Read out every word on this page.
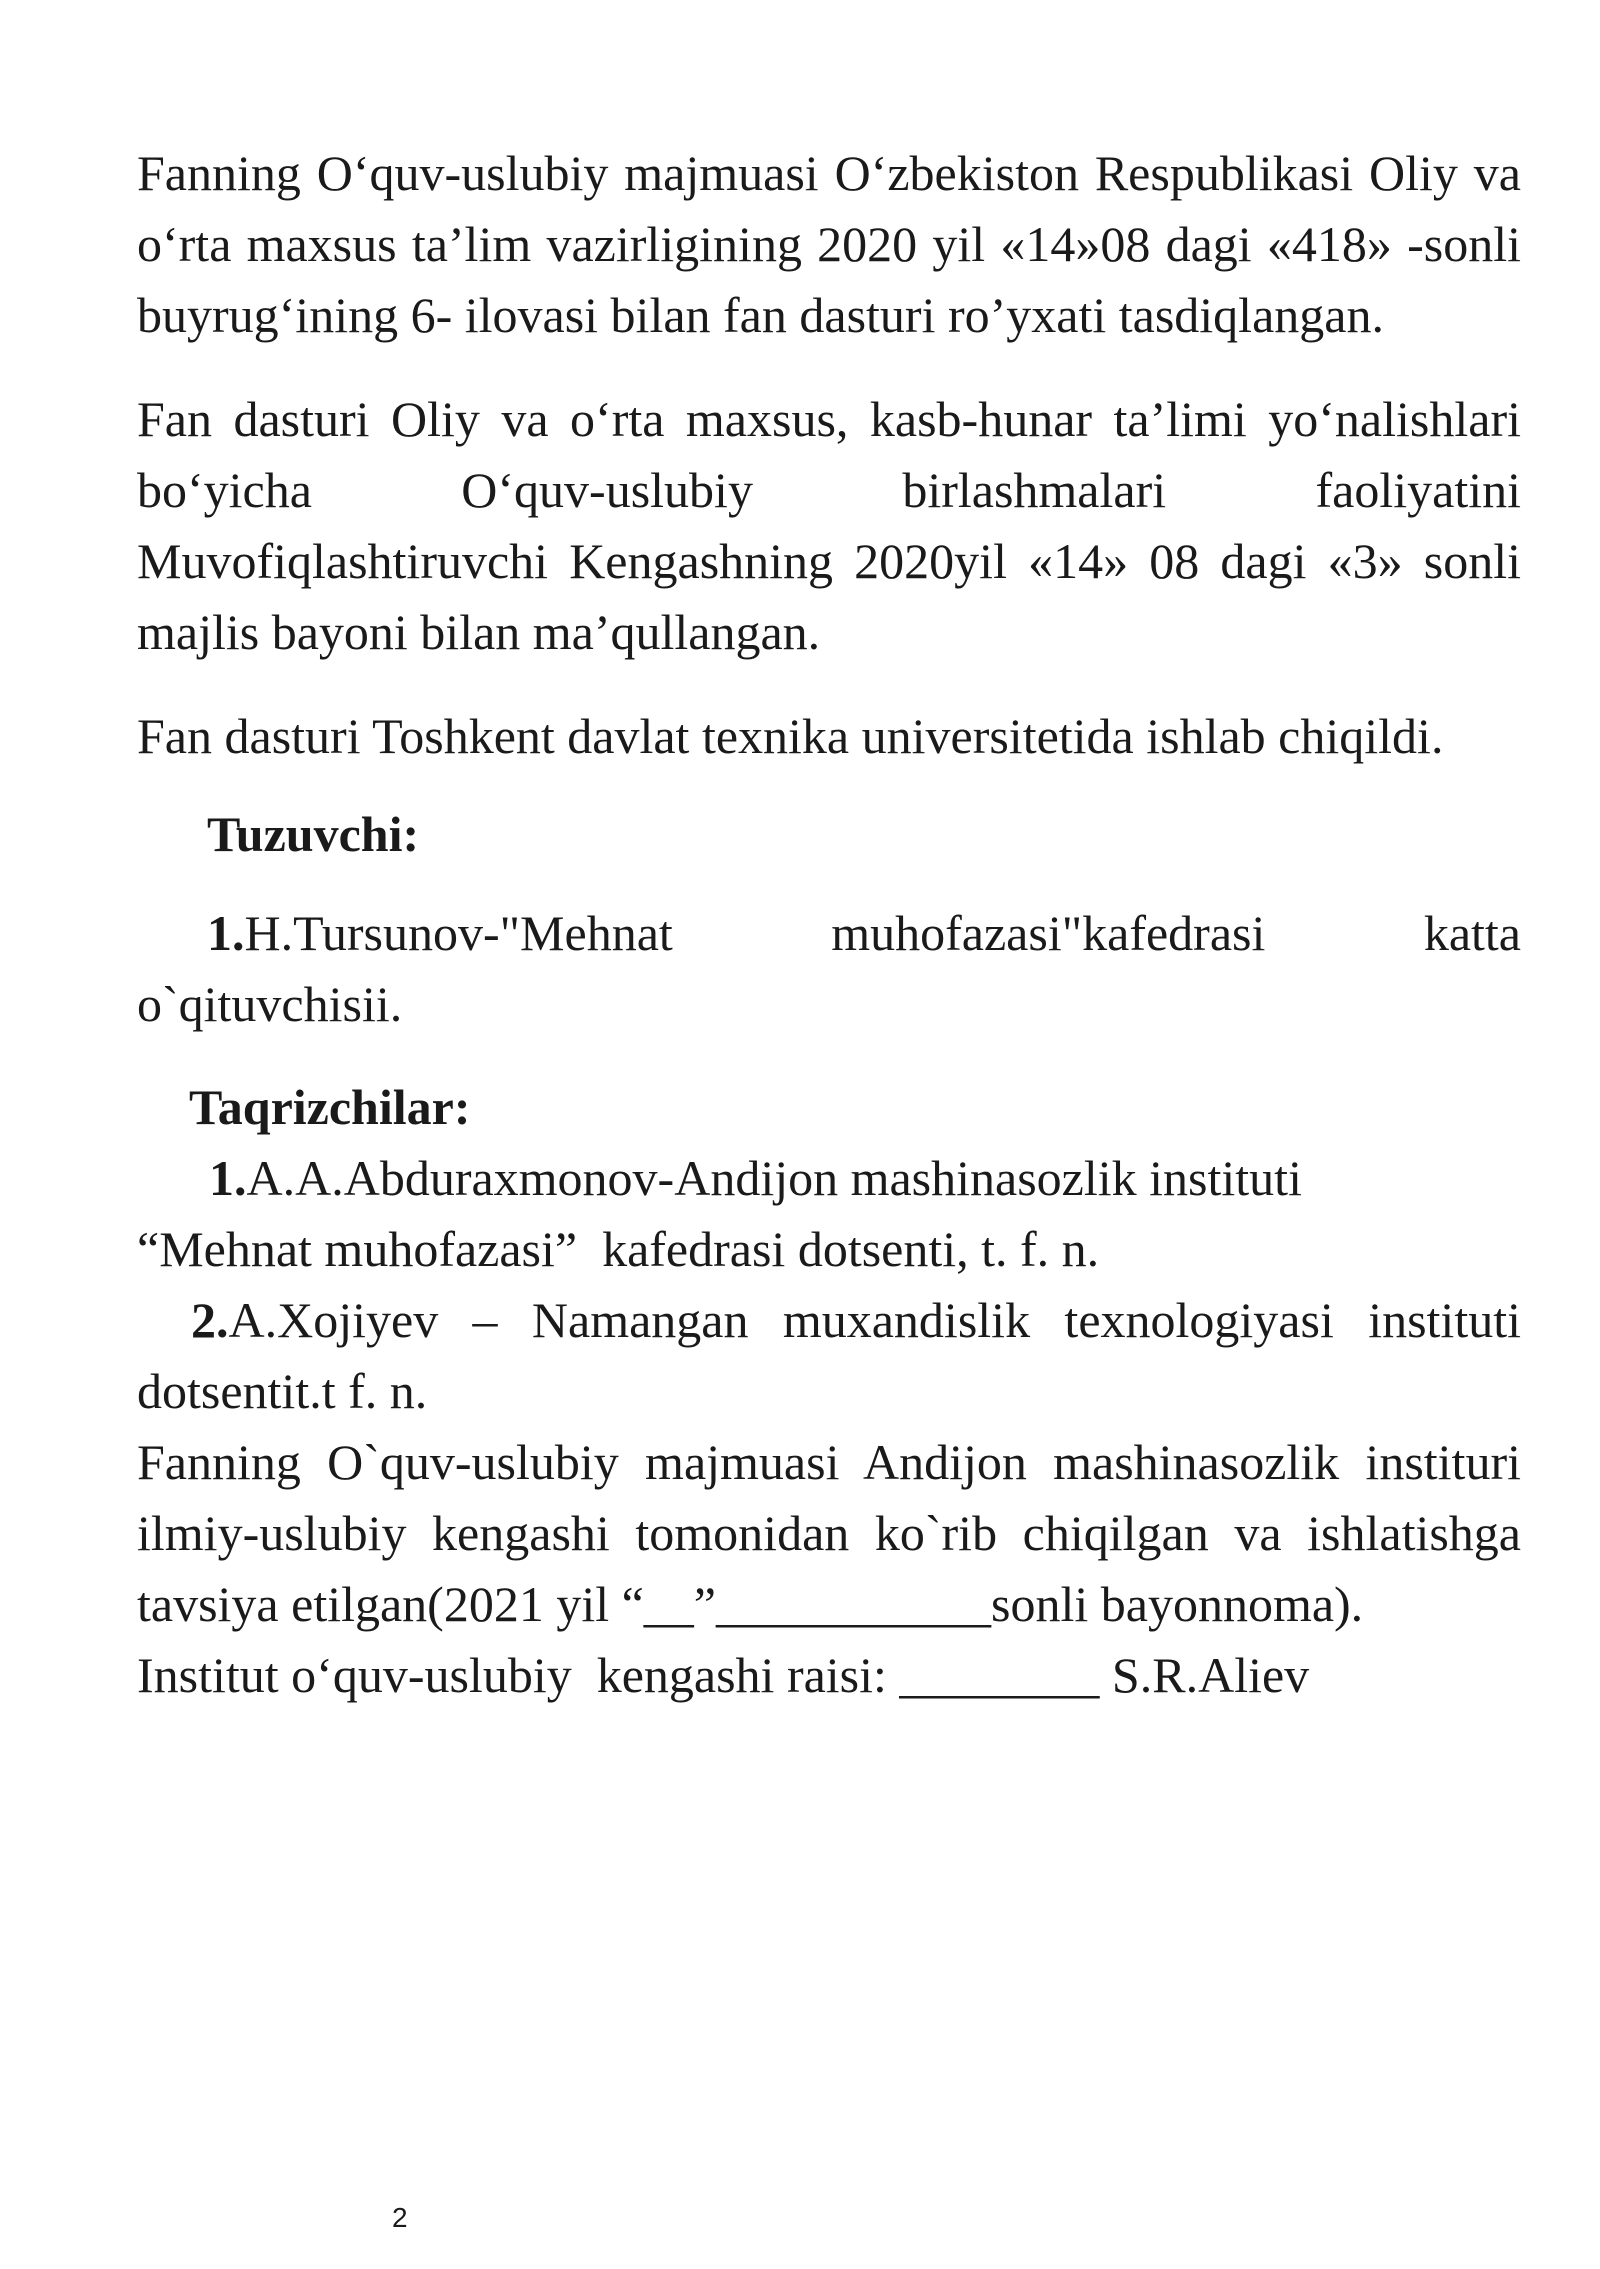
Fanning O‘quv-uslubiy majmuasi O‘zbekiston Respublikasi Oliy va o‘rta maxsus ta’lim vazirligining 2020 yil «14»08 dagi «418» -sonli buyrug‘ining 6- ilovasi bilan fan dasturi ro’yxati tasdiqlangan.

Fan dasturi Oliy va o‘rta maxsus, kasb-hunar ta’limi yo‘nalishlari bo‘yicha O‘quv-uslubiy birlashmalari faoliyatini Muvofiqlashtiruvchi Kengashning 2020yil «14» 08 dagi «3» sonli majlis bayoni bilan ma’qullangan.

Fan dasturi Toshkent davlat texnika universitetida ishlab chiqildi.

Tuzuvchi:

1.H.Tursunov-"Mehnat	muhofazasi"kafedrasi	katta
o`qituvchisii.

Taqrizchilar:

1.A.A.Abduraxmonov-Andijon mashinasozlik instituti
“Mehnat muhofazasi”  kafedrasi dotsenti, t. f. n.

2.A.Xojiyev – Namangan muxandislik texnologiyasi instituti dotsentit.t f. n.

Fanning O`quv-uslubiy majmuasi Andijon mashinasozlik instituri ilmiy-uslubiy kengashi tomonidan ko`rib chiqilgan va ishlatishga tavsiya etilgan(2021 yil “__”___________sonli bayonnoma).

Institut o‘quv-uslubiy  kengashi raisi: ________ S.R.Aliev
2
